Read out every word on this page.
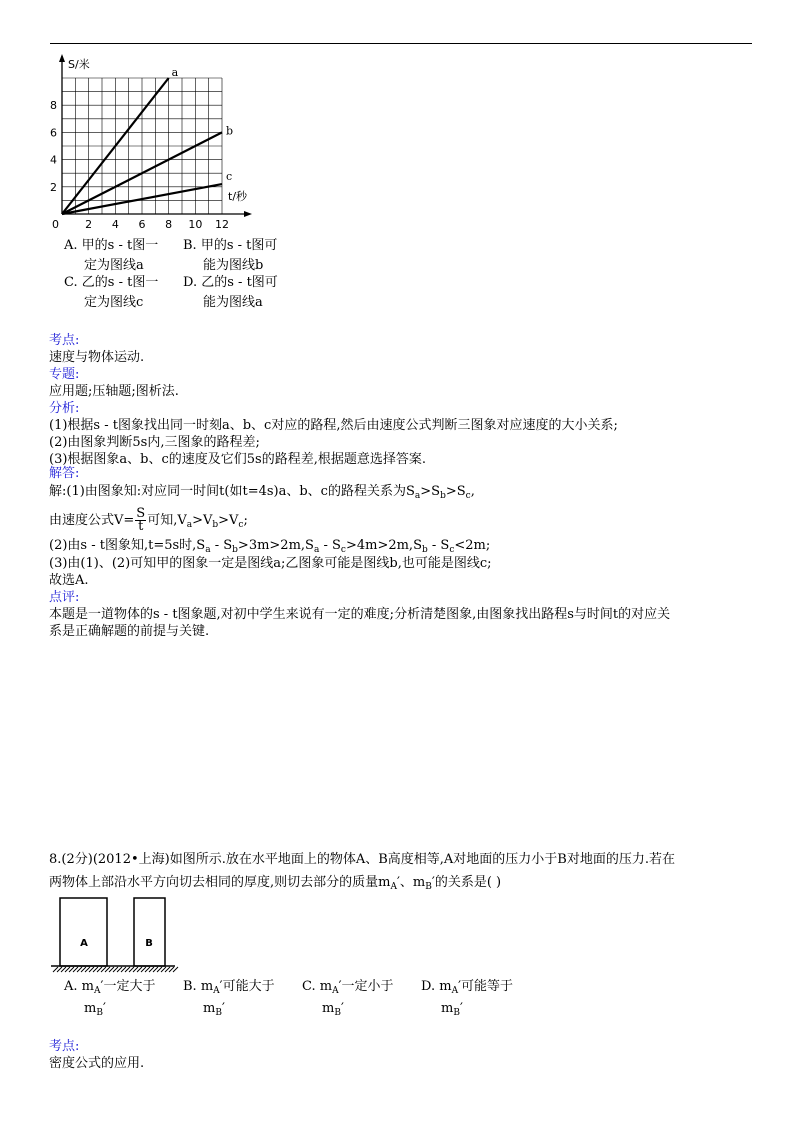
S/米
t/秒
0 2 4 6 8 10 12
2
4
6
8
a
b
c
A. 甲的s - t图一
定为图线a
B. 甲的s - t图可
能为图线b
C. 乙的s - t图一
定为图线c
D. 乙的s - t图可
能为图线a
考点:
速度与物体运动.
专题:
应用题;压轴题;图析法.
分析:
(1)根据s - t图象找出同一时刻a、b、c对应的路程,然后由速度公式判断三图象对应速度的大小关系;
(2)由图象判断5s内,三图象的路程差;
(3)根据图象a、b、c的速度及它们5s的路程差,根据题意选择答案.
解答:
解:(1)由图象知:对应同一时间t(如t=4s)a、b、c的路程关系为$S_a>S_b>S_c$,
由速度公式$V= \frac{S}{t}$ 可知$,V_a>V_b>V_c$;
(2)由s - t图象知,t=5s时$,S_a - S_b>3m>2m,S_a - S_c>4m>2m,S_b - S_c<2m$;
(3)由(1)、(2)可知甲的图象一定是图线a;乙图象可能是图线b,也可能是图线c;
故选A.
点评:
本题是一道物体的s - t图象题,对初中学生来说有一定的难度;分析清楚图象,由图象找出路程s与时间t的对应关
系是正确解题的前提与关键.
8.(2分)(2012•上海)如图所示.放在水平地面上的物体A、B高度相等,A对地面的压力小于B对地面的压力.若在
两物体上部沿水平方向切去相同的厚度,则切去部分的质量$m_A'$、$m_B'$的关系是( )
A	B
A. $m_A'$一定大于
$m_B'$
B. $m_A'$可能大于
$m_B'$
C. $m_A'$一定小于
$m_B'$
D. $m_A'$可能等于
$m_B'$
考点:
密度公式的应用.
